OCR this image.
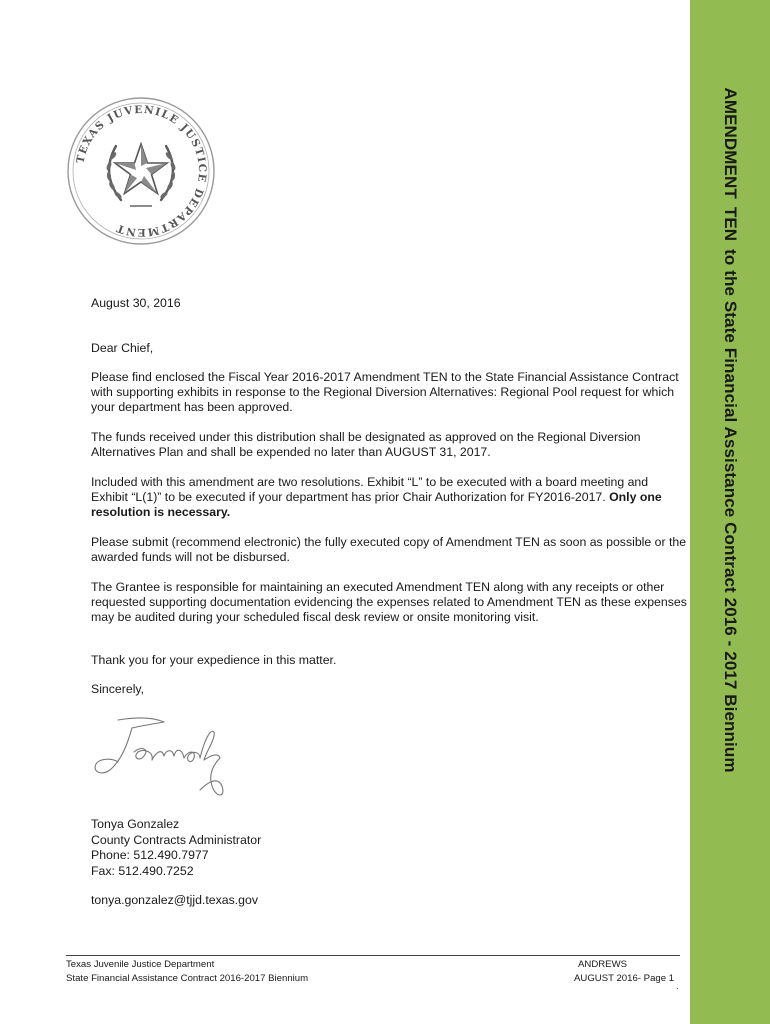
AMENDMENTTENto the State Financial Assistance Contract 2016 - 2017 Biennium
TEXAS JUVENILE JUSTICE DEPARTMENT

August 30, 2016

Dear Chief,

Please find enclosed the Fiscal Year 2016-2017 Amendment TEN to the State Financial Assistance Contract with supporting exhibits in response to the Regional Diversion Alternatives: Regional Pool request for which your department has been approved.

The funds received under this distribution shall be designated as approved on the Regional Diversion Alternatives Plan and shall be expended no later than AUGUST 31, 2017.

Included with this amendment are two resolutions. Exhibit “L” to be executed with a board meeting and Exhibit “L(1)” to be executed if your department has prior Chair Authorization for FY2016-2017. Only one resolution is necessary.

Please submit (recommend electronic) the fully executed copy of Amendment TEN as soon as possible or the awarded funds will not be disbursed.

The Grantee is responsible for maintaining an executed Amendment TEN along with any receipts or other requested supporting documentation evidencing the expenses related to Amendment TEN as these expenses may be audited during your scheduled fiscal desk review or onsite monitoring visit.

Thank you for your expedience in this matter.

Sincerely,

Tonya Gonzalez
County Contracts Administrator
Phone: 512.490.7977
Fax: 512.490.7252
tonya.gonzalez@tjjd.texas.gov
Texas Juvenile Justice Department
State Financial Assistance Contract 2016-2017 Biennium
ANDREWS
AUGUST 2016- Page 1
